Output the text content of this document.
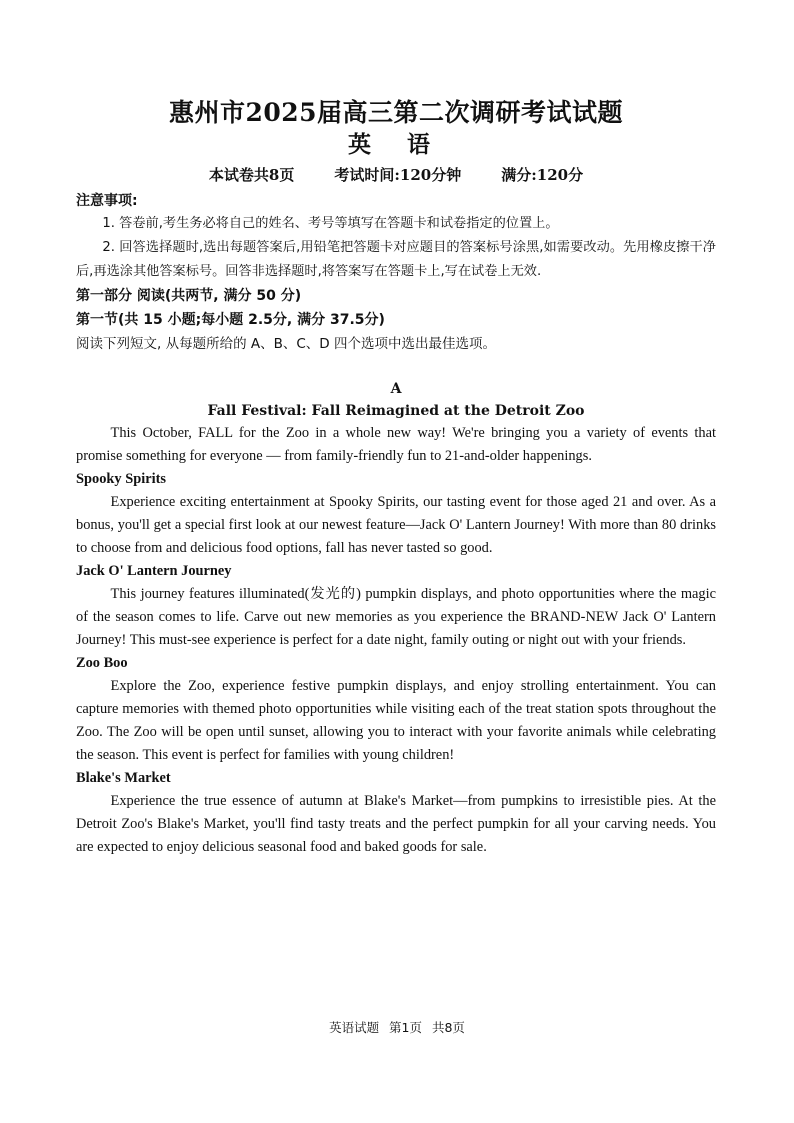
惠州市2025届高三第二次调研考试试题
英 语
本试卷共8页	考试时间:120分钟	满分:120分

注意事项:

1. 答卷前,考生务必将自己的姓名、考号等填写在答题卡和试卷指定的位置上。

2. 回答选择题时,选出每题答案后,用铅笔把答题卡对应题目的答案标号涂黑,如需要改动。先用橡皮擦干净后,再选涂其他答案标号。回答非选择题时,将答案写在答题卡上,写在试卷上无效.

第一部分 阅读(共两节, 满分 50 分)

第一节(共 15 小题;每小题 2.5分, 满分 37.5分)

阅读下列短文, 从每题所给的 A、B、C、D 四个选项中选出最佳选项。

A
Fall Festival: Fall Reimagined at the Detroit Zoo

This October, FALL for the Zoo in a whole new way! We're bringing you a variety of events that promise something for everyone — from family-friendly fun to 21-and-older happenings.

Spooky Spirits

Experience exciting entertainment at Spooky Spirits, our tasting event for those aged 21 and over. As a bonus, you'll get a special first look at our newest feature—Jack O' Lantern Journey! With more than 80 drinks to choose from and delicious food options, fall has never tasted so good.

Jack O' Lantern Journey

This journey features illuminated(发光的) pumpkin displays, and photo opportunities where the magic of the season comes to life. Carve out new memories as you experience the BRAND-NEW Jack O' Lantern Journey! This must-see experience is perfect for a date night, family outing or night out with your friends.

Zoo Boo

Explore the Zoo, experience festive pumpkin displays, and enjoy strolling entertainment. You can capture memories with themed photo opportunities while visiting each of the treat station spots throughout the Zoo. The Zoo will be open until sunset, allowing you to interact with your favorite animals while celebrating the season. This event is perfect for families with young children!

Blake's Market

Experience the true essence of autumn at Blake's Market—from pumpkins to irresistible pies. At the Detroit Zoo's Blake's Market, you'll find tasty treats and the perfect pumpkin for all your carving needs. You are expected to enjoy delicious seasonal food and baked goods for sale.

英语试题 第1页 共8页
